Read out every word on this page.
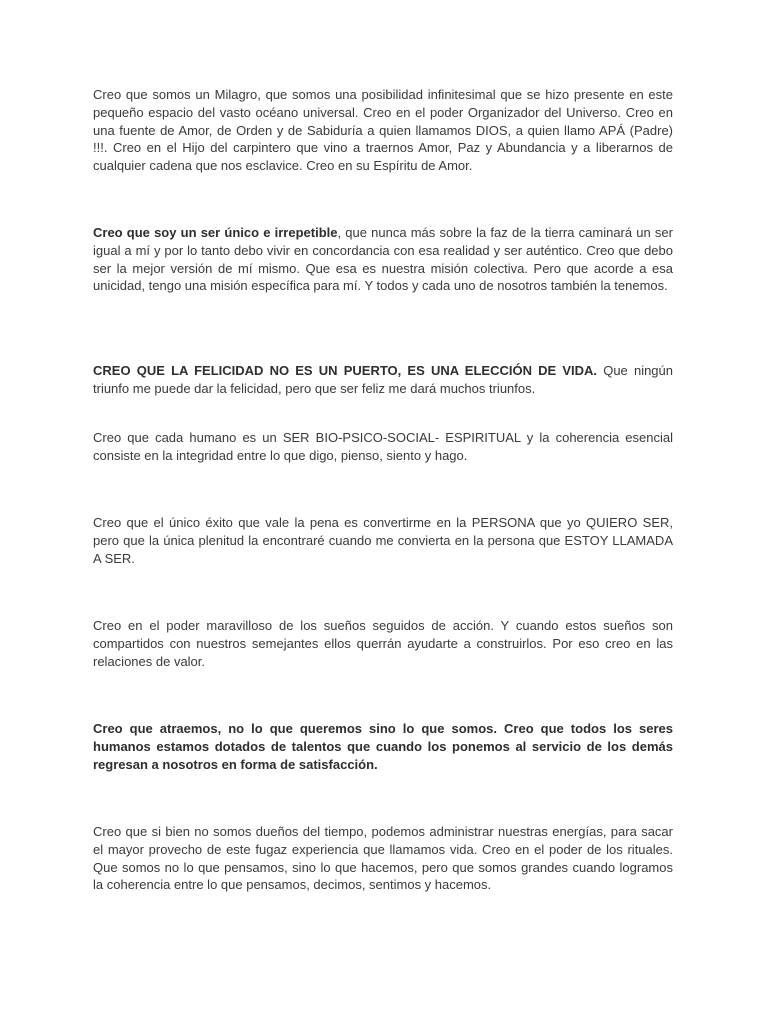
Creo que somos un Milagro, que somos una posibilidad infinitesimal que se hizo presente en este pequeño espacio del vasto océano universal. Creo en el poder Organizador del Universo. Creo en una fuente de Amor, de Orden y de Sabiduría a quien llamamos DIOS, a quien llamo APÁ (Padre) !!!. Creo en el Hijo del carpintero que vino a traernos Amor, Paz y Abundancia y a liberarnos de cualquier cadena que nos esclavice. Creo en su Espíritu de Amor.

Creo que soy un ser único e irrepetible, que nunca más sobre la faz de la tierra caminará un ser igual a mí y por lo tanto debo vivir en concordancia con esa realidad y ser auténtico. Creo que debo ser la mejor versión de mí mismo. Que esa es nuestra misión colectiva. Pero que acorde a esa unicidad, tengo una misión específica para mí. Y todos y cada uno de nosotros también la tenemos.

CREO QUE LA FELICIDAD NO ES UN PUERTO, ES UNA ELECCIÓN DE VIDA. Que ningún triunfo me puede dar la felicidad, pero que ser feliz me dará muchos triunfos.

Creo que cada humano es un SER BIO-PSICO-SOCIAL- ESPIRITUAL y la coherencia esencial consiste en la integridad entre lo que digo, pienso, siento y hago.

Creo que el único éxito que vale la pena es convertirme en la PERSONA que yo QUIERO SER, pero que la única plenitud la encontraré cuando me convierta en la persona que ESTOY LLAMADA A SER.

Creo en el poder maravilloso de los sueños seguidos de acción. Y cuando estos sueños son compartidos con nuestros semejantes ellos querrán ayudarte a construirlos. Por eso creo en las relaciones de valor.

Creo que atraemos, no lo que queremos sino lo que somos. Creo que todos los seres humanos estamos dotados de talentos que cuando los ponemos al servicio de los demás regresan a nosotros en forma de satisfacción.

Creo que si bien no somos dueños del tiempo, podemos administrar nuestras energías, para sacar el mayor provecho de este fugaz experiencia que llamamos vida. Creo en el poder de los rituales. Que somos no lo que pensamos, sino lo que hacemos, pero que somos grandes cuando logramos la coherencia entre lo que pensamos, decimos, sentimos y hacemos.
